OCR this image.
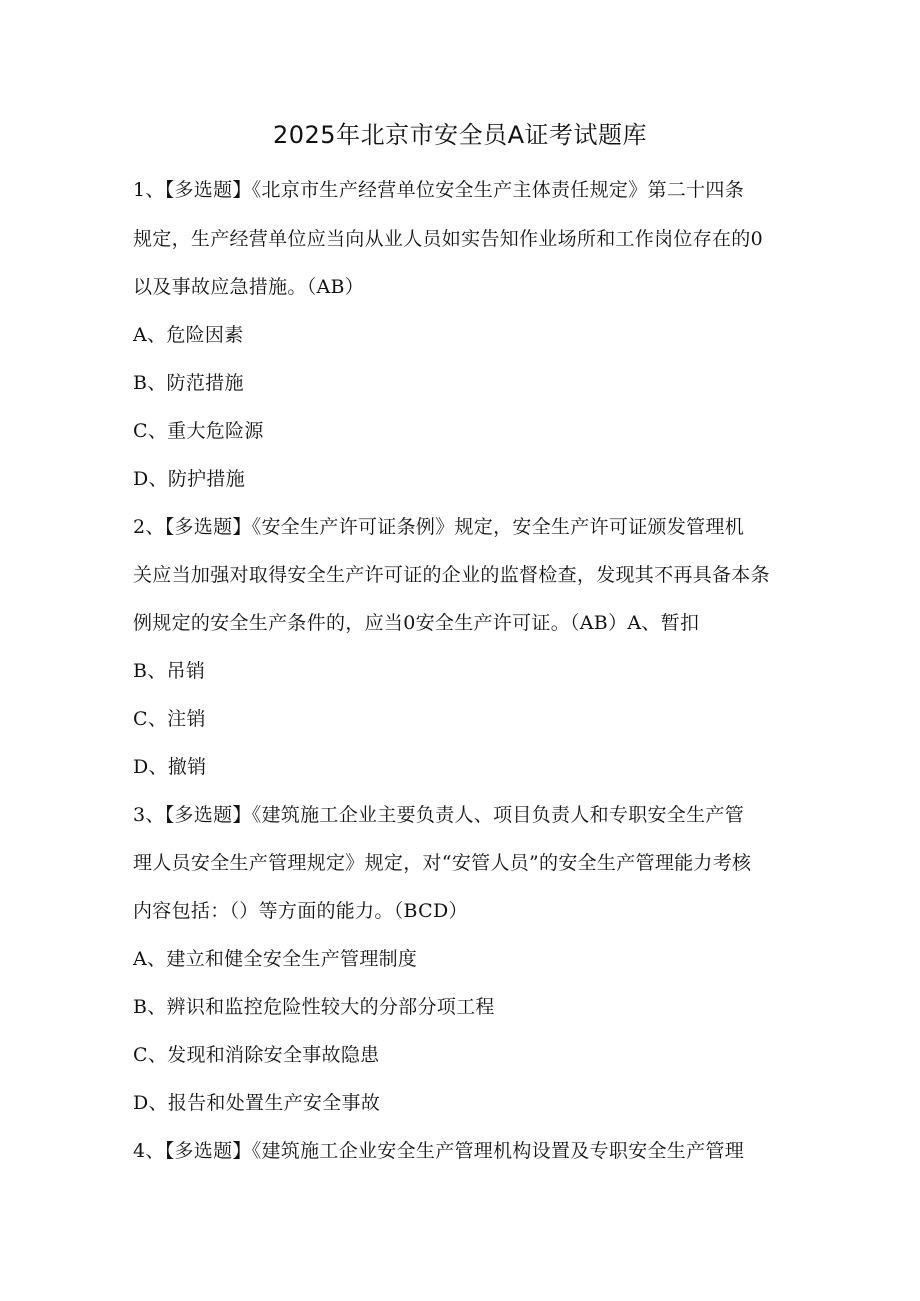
2025年北京市安全员A证考试题库
1、【多选题】《北京市生产经营单位安全生产主体责任规定》第二十四条
规定，生产经营单位应当向从业人员如实告知作业场所和工作岗位存在的0
以及事故应急措施。（AB）
A、危险因素
B、防范措施
C、重大危险源
D、防护措施
2、【多选题】《安全生产许可证条例》规定，安全生产许可证颁发管理机
关应当加强对取得安全生产许可证的企业的监督检查，发现其不再具备本条
例规定的安全生产条件的，应当0安全生产许可证。（AB）A、暂扣
B、吊销
C、注销
D、撤销
3、【多选题】《建筑施工企业主要负责人、项目负责人和专职安全生产管
理人员安全生产管理规定》规定，对“安管人员”的安全生产管理能力考核
内容包括：（）等方面的能力。（BCD）
A、建立和健全安全生产管理制度
B、辨识和监控危险性较大的分部分项工程
C、发现和消除安全事故隐患
D、报告和处置生产安全事故
4、【多选题】《建筑施工企业安全生产管理机构设置及专职安全生产管理
